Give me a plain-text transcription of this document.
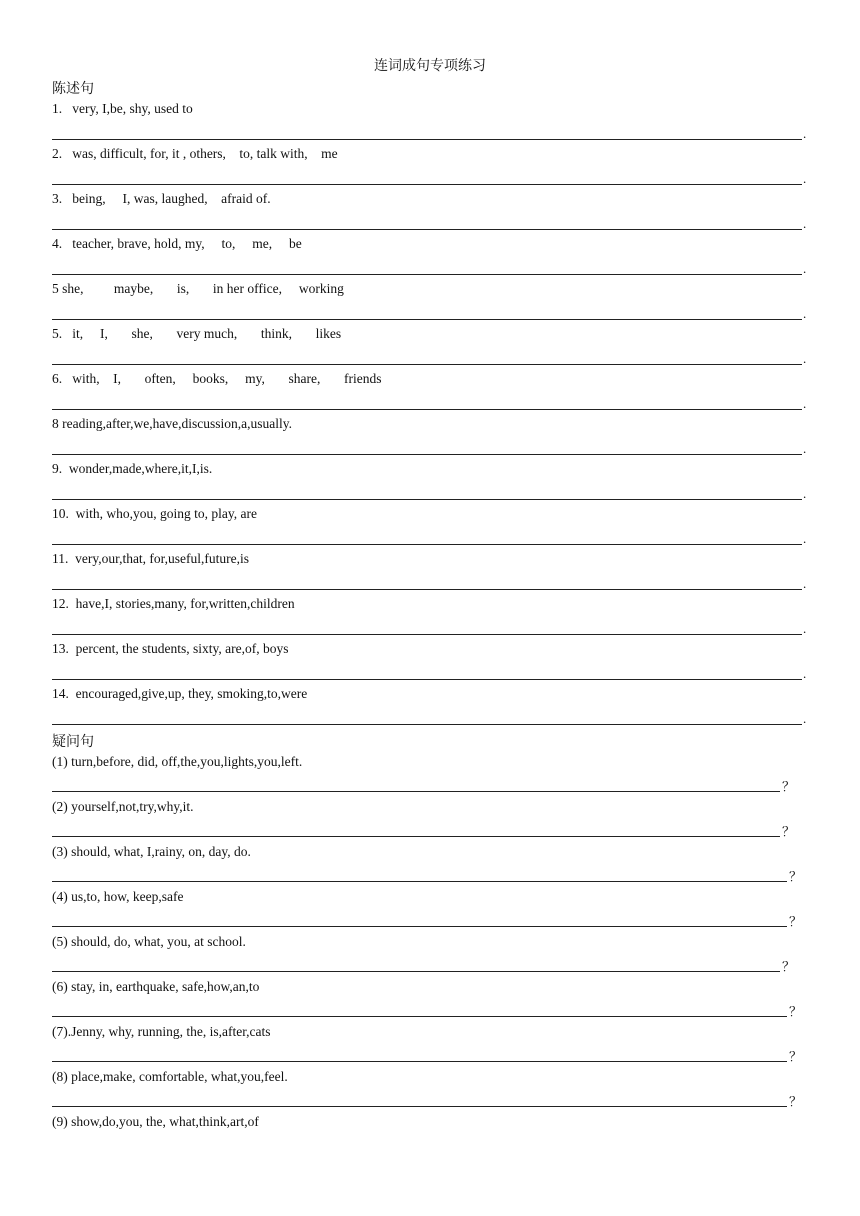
连词成句专项练习
陈述句
1.   very, I,be, shy, used to
.
2.   was, difficult, for, it , others,    to, talk with,    me
.
3.   being,     I, was, laughed,    afraid of.
.
4.   teacher, brave, hold, my,     to,     me,     be
.
5 she,         maybe,       is,       in her office,     working
.
5.   it,     I,       she,       very much,       think,       likes
.
6.   with,    I,       often,     books,     my,       share,       friends
.
8 reading,after,we,have,discussion,a,usually.
.
9.  wonder,made,where,it,I,is.
.
10.  with, who,you, going to, play, are
.
11.  very,our,that, for,useful,future,is
.
12.  have,I, stories,many, for,written,children
.
13.  percent, the students, sixty, are,of, boys
.
14.  encouraged,give,up, they, smoking,to,were
.
疑问句
(1) turn,before, did, off,the,you,lights,you,left.
？
(2) yourself,not,try,why,it.
？
(3) should, what, I,rainy, on, day, do.
？
(4) us,to, how, keep,safe
？
(5) should, do, what, you, at school.
？
(6) stay, in, earthquake, safe,how,an,to
？
(7).Jenny, why, running, the, is,after,cats
？
(8) place,make, comfortable, what,you,feel.
？
(9) show,do,you, the, what,think,art,of
